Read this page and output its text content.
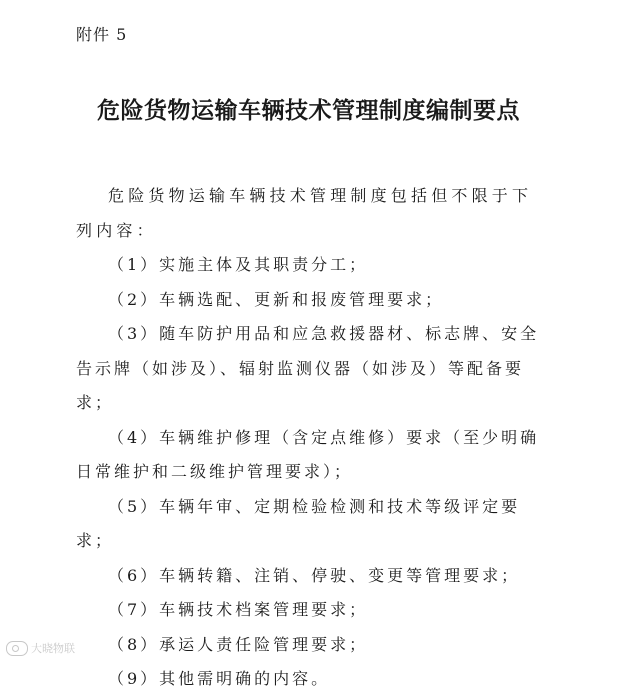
附件 5
危险货物运输车辆技术管理制度编制要点

危险货物运输车辆技术管理制度包括但不限于下列内容：

（1）实施主体及其职责分工；

（2）车辆选配、更新和报废管理要求；

（3）随车防护用品和应急救援器材、标志牌、安全告示牌（如涉及）、辐射监测仪器（如涉及）等配备要求；

（4）车辆维护修理（含定点维修）要求（至少明确日常维护和二级维护管理要求）；

（5）车辆年审、定期检验检测和技术等级评定要求；

（6）车辆转籍、注销、停驶、变更等管理要求；

（7）车辆技术档案管理要求；

（8）承运人责任险管理要求；

（9）其他需明确的内容。

大晓物联
